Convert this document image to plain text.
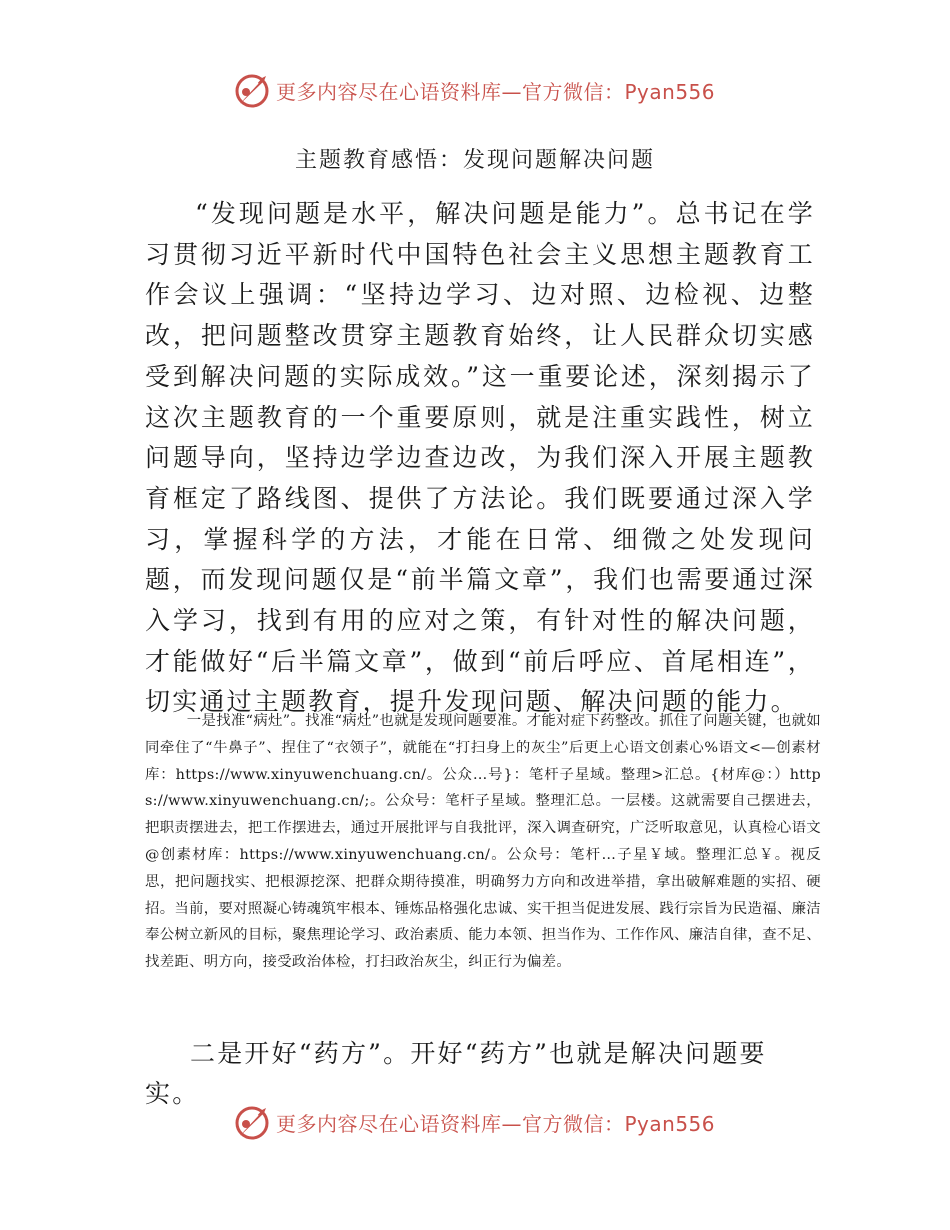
更多内容尽在心语资料库—官方微信：Pyan556
主题教育感悟：发现问题解决问题

“发现问题是水平，解决问题是能力”。总书记在学习贯彻习近平新时代中国特色社会主义思想主题教育工作会议上强调：“坚持边学习、边对照、边检视、边整改，把问题整改贯穿主题教育始终，让人民群众切实感受到解决问题的实际成效。”这一重要论述，深刻揭示了这次主题教育的一个重要原则，就是注重实践性，树立问题导向，坚持边学边查边改，为我们深入开展主题教育框定了路线图、提供了方法论。我们既要通过深入学习，掌握科学的方法，才能在日常、细微之处发现问题，而发现问题仅是“前半篇文章”，我们也需要通过深入学习，找到有用的应对之策，有针对性的解决问题，才能做好“后半篇文章”，做到“前后呼应、首尾相连”，切实通过主题教育，提升发现问题、解决问题的能力。

一是找准“病灶”。找准“病灶”也就是发现问题要准。才能对症下药整改。抓住了问题关键，也就如同牵住了“牛鼻子”、捏住了“衣领子”，就能在“打扫身上的灰尘”后更上心语文创素心%语文<—创素材库：https://www.xinyuwenchuang.cn/。公众…号}：笔杆子星域。整理>汇总。{材库@：）https://www.xinyuwenchuang.cn/;。公众号：笔杆子星域。整理汇总。一层楼。这就需要自己摆进去，把职责摆进去，把工作摆进去，通过开展批评与自我批评，深入调查研究，广泛听取意见，认真检心语文@创素材库：https://www.xinyuwenchuang.cn/。公众号：笔杆…子星￥域。整理汇总￥。视反思，把问题找实、把根源挖深、把群众期待摸准，明确努力方向和改进举措，拿出破解难题的实招、硬招。当前，要对照凝心铸魂筑牢根本、锤炼品格强化忠诚、实干担当促进发展、践行宗旨为民造福、廉洁奉公树立新风的目标，聚焦理论学习、政治素质、能力本领、担当作为、工作作风、廉洁自律，查不足、找差距、明方向，接受政治体检，打扫政治灰尘，纠正行为偏差。

二是开好“药方”。开好“药方”也就是解决问题要实。

更多内容尽在心语资料库—官方微信：Pyan556
